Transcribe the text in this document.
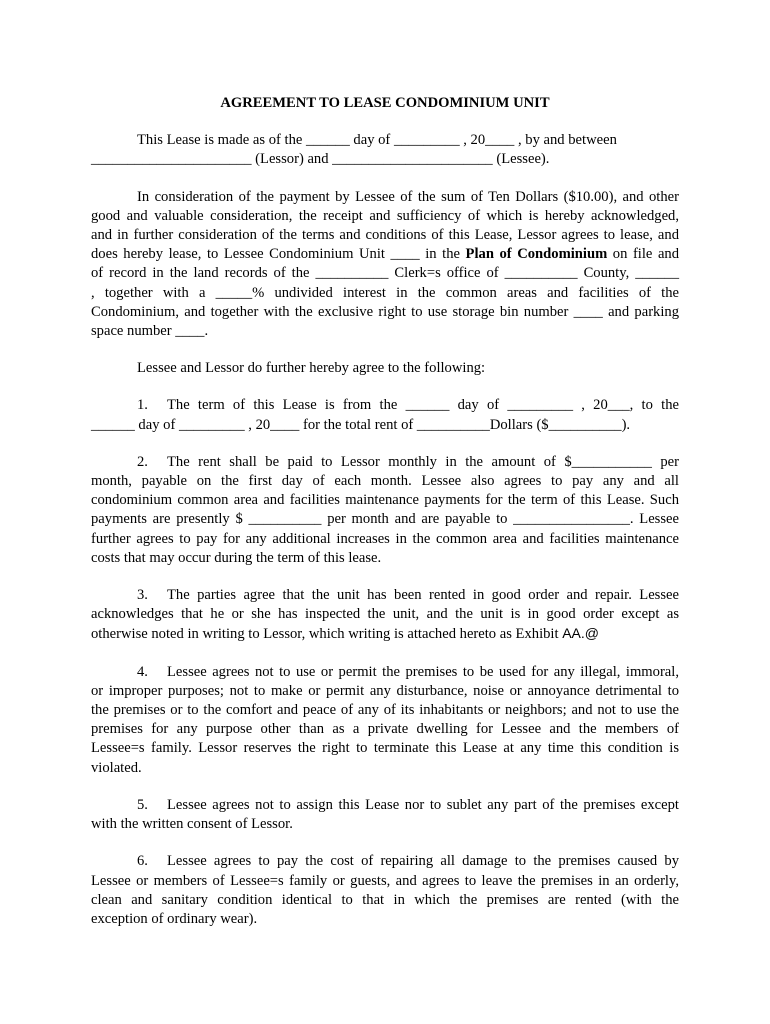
AGREEMENT TO LEASE CONDOMINIUM UNIT
This Lease is made as of the ______ day of _________ , 20____ , by and between
______________________ (Lessor) and ______________________ (Lessee).
In consideration of the payment by Lessee of the sum of Ten Dollars ($10.00), and other
good and valuable consideration, the receipt and sufficiency of which is hereby acknowledged,
and in further consideration of the terms and conditions of this Lease, Lessor agrees to lease, and
does hereby lease, to Lessee Condominium Unit ____ in the Plan of Condominium on file and
of record in the land records of the __________ Clerk=s office of __________ County, ______
, together with a _____% undivided interest in the common areas and facilities of the
Condominium, and together with the exclusive right to use storage bin number ____ and parking
space number ____.
Lessee and Lessor do further hereby agree to the following:
1. The term of this Lease is from the ______ day of _________ , 20___, to the
______ day of _________ , 20____ for the total rent of __________Dollars ($__________).
2. The rent shall be paid to Lessor monthly in the amount of $___________ per
month, payable on the first day of each month. Lessee also agrees to pay any and all
condominium common area and facilities maintenance payments for the term of this Lease. Such
payments are presently $ __________ per month and are payable to ________________. Lessee
further agrees to pay for any additional increases in the common area and facilities maintenance
costs that may occur during the term of this lease.
3. The parties agree that the unit has been rented in good order and repair. Lessee
acknowledges that he or she has inspected the unit, and the unit is in good order except as
otherwise noted in writing to Lessor, which writing is attached hereto as Exhibit AA.@
4. Lessee agrees not to use or permit the premises to be used for any illegal, immoral,
or improper purposes; not to make or permit any disturbance, noise or annoyance detrimental to
the premises or to the comfort and peace of any of its inhabitants or neighbors; and not to use the
premises for any purpose other than as a private dwelling for Lessee and the members of
Lessee=s family. Lessor reserves the right to terminate this Lease at any time this condition is
violated.
5. Lessee agrees not to assign this Lease nor to sublet any part of the premises except
with the written consent of Lessor.
6. Lessee agrees to pay the cost of repairing all damage to the premises caused by
Lessee or members of Lessee=s family or guests, and agrees to leave the premises in an orderly,
clean and sanitary condition identical to that in which the premises are rented (with the
exception of ordinary wear).
